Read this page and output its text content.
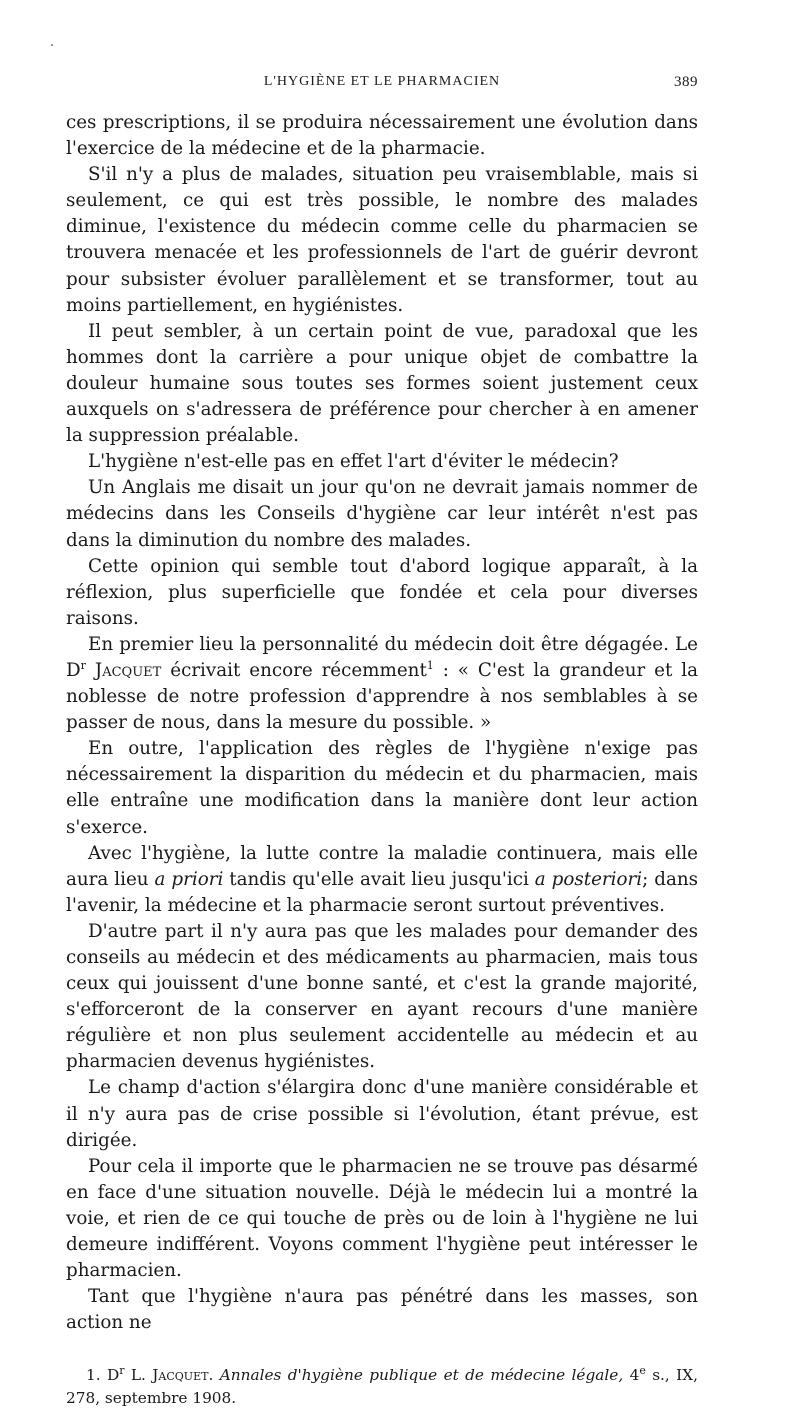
L'HYGIÈNE ET LE PHARMACIEN	389

ces prescriptions, il se produira nécessairement une évolution dans l'exercice de la médecine et de la pharmacie.

S'il n'y a plus de malades, situation peu vraisemblable, mais si seulement, ce qui est très possible, le nombre des malades diminue, l'existence du médecin comme celle du pharmacien se trouvera menacée et les professionnels de l'art de guérir devront pour subsister évoluer parallèlement et se transformer, tout au moins partiellement, en hygiénistes.

Il peut sembler, à un certain point de vue, paradoxal que les hommes dont la carrière a pour unique objet de combattre la douleur humaine sous toutes ses formes soient justement ceux auxquels on s'adressera de préférence pour chercher à en amener la suppression préalable.

L'hygiène n'est-elle pas en effet l'art d'éviter le médecin?

Un Anglais me disait un jour qu'on ne devrait jamais nommer de médecins dans les Conseils d'hygiène car leur intérêt n'est pas dans la diminution du nombre des malades.

Cette opinion qui semble tout d'abord logique apparaît, à la réflexion, plus superficielle que fondée et cela pour diverses raisons.

En premier lieu la personnalité du médecin doit être dégagée. Le $D^r$ Jacquet écrivait encore récemment$^1$ : « C'est la grandeur et la noblesse de notre profession d'apprendre à nos semblables à se passer de nous, dans la mesure du possible. »

En outre, l'application des règles de l'hygiène n'exige pas nécessairement la disparition du médecin et du pharmacien, mais elle entraîne une modification dans la manière dont leur action s'exerce.

Avec l'hygiène, la lutte contre la maladie continuera, mais elle aura lieu a priori tandis qu'elle avait lieu jusqu'ici a posteriori; dans l'avenir, la médecine et la pharmacie seront surtout préventives.

D'autre part il n'y aura pas que les malades pour demander des conseils au médecin et des médicaments au pharmacien, mais tous ceux qui jouissent d'une bonne santé, et c'est la grande majorité, s'efforceront de la conserver en ayant recours d'une manière régulière et non plus seulement accidentelle au médecin et au pharmacien devenus hygiénistes.

Le champ d'action s'élargira donc d'une manière considérable et il n'y aura pas de crise possible si l'évolution, étant prévue, est dirigée.

Pour cela il importe que le pharmacien ne se trouve pas désarmé en face d'une situation nouvelle. Déjà le médecin lui a montré la voie, et rien de ce qui touche de près ou de loin à l'hygiène ne lui demeure indifférent. Voyons comment l'hygiène peut intéresser le pharmacien.

Tant que l'hygiène n'aura pas pénétré dans les masses, son action ne

1. $D^r$ L. Jacquet. Annales d'hygiène publique et de médecine légale, 4e s., IX, 278, septembre 1908.
